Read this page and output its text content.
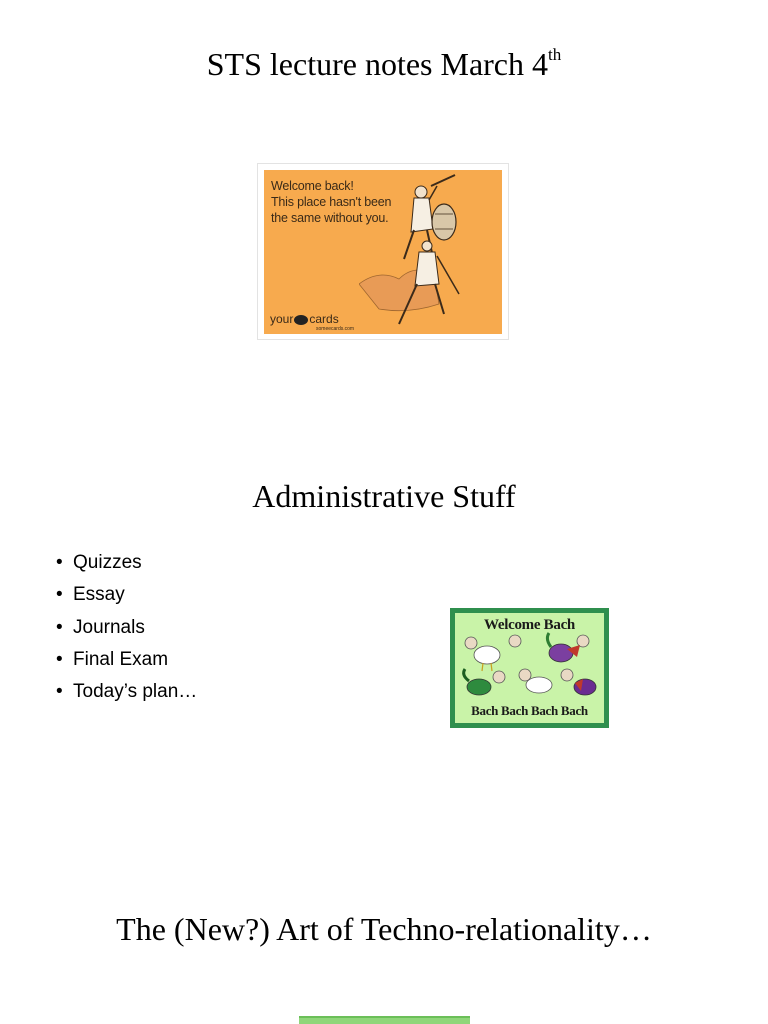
STS lecture notes March 4th
Welcome back!
This place hasn't been
the same without you.
your cards
someecards.com
Administrative Stuff
• Quizzes
• Essay
• Journals
• Final Exam
• Today’s plan…
Welcome Bach
Bach Bach Bach Bach
The (New?) Art of Techno-relationality…
